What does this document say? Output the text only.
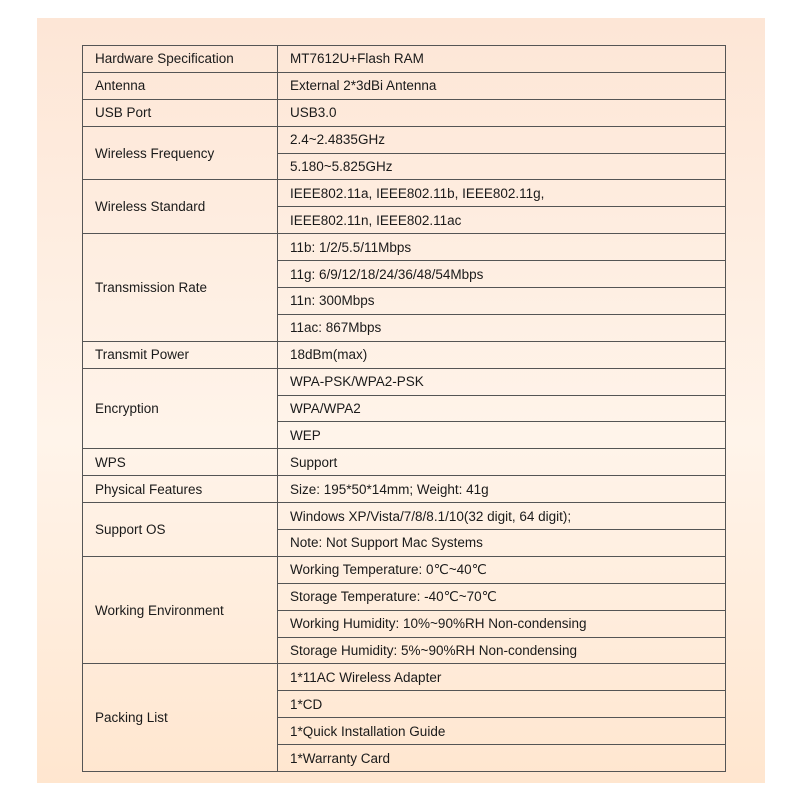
Hardware Specification	MT7612U+Flash RAM
Antenna	External 2*3dBi Antenna
USB Port	USB3.0
Wireless Frequency	2.4~2.4835GHz
	5.180~5.825GHz
Wireless Standard	IEEE802.11a, IEEE802.11b, IEEE802.11g,
	IEEE802.11n, IEEE802.11ac
Transmission Rate	11b: 1/2/5.5/11Mbps
	11g: 6/9/12/18/24/36/48/54Mbps
	11n: 300Mbps
	11ac: 867Mbps
Transmit Power	18dBm(max)
Encryption	WPA-PSK/WPA2-PSK
	WPA/WPA2
	WEP
WPS	Support
Physical Features	Size: 195*50*14mm; Weight: 41g
Support OS	Windows XP/Vista/7/8/8.1/10(32 digit, 64 digit);
	Note: Not Support Mac Systems
Working Environment	Working Temperature: 0℃~40℃
	Storage Temperature: -40℃~70℃
	Working Humidity: 10%~90%RH Non-condensing
	Storage Humidity: 5%~90%RH Non-condensing
Packing List	1*11AC Wireless Adapter
	1*CD
	1*Quick Installation Guide
	1*Warranty Card
